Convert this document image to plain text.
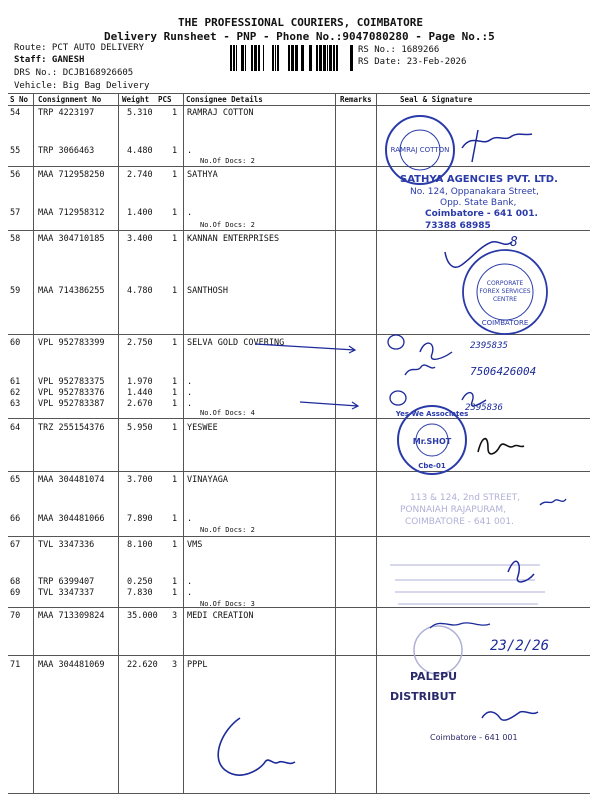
THE PROFESSIONAL COURIERS, COIMBATORE
Delivery Runsheet - PNP - Phone No.:9047080280 - Page No.:5
Route: PCT AUTO DELIVERY
Staff: GANESH
DRS No.: DCJB168926605
Vehicle: Big Bag Delivery
RS No.: 1689266
RS Date: 23-Feb-2026
S No Consignment No	Weight PCS Consignee Details	Remarks	Seal & Signature
54 TRP 4223197	5.310 1 RAMRAJ COTTON
55 TRP 3066463	4.480 1 .
56 MAA 712958250	2.740 1 SATHYA
57 MAA 712958312	1.400 1 .
58 MAA 304710185	3.400 1 KANNAN ENTERPRISES
59 MAA 714386255	4.780 1 SANTHOSH
60 VPL 952783399	2.750 1 SELVA GOLD COVERING
61 VPL 952783375	1.970 1 .
62 VPL 952783376	1.440 1 .
63 VPL 952783387	2.670 1 .
64 TRZ 255154376	5.950 1 YESWEE
65 MAA 304481074	3.700 1 VINAYAGA
66 MAA 304481066	7.890 1 .
67 TVL 3347336	8.100 1 VMS
68 TRP 6399407	0.250 1 .
69 TVL 3347337	7.830 1 .
70 MAA 713309824	35.000 3 MEDI CREATION
71 MAA 304481069	22.620 3 PPPL
No.Of Docs: 2
No.Of Docs: 2
No.Of Docs: 4
No.Of Docs: 2
No.Of Docs: 3
RAMRAJ COTTON
SATHYA AGENCIES PVT. LTD.
No. 124, Oppanakara Street,
Opp. State Bank,
Coimbatore - 641 001.
73388 68985
8
CORPORATE
FOREX SERVICES
CENTRE
COIMBATORE
2395835
7506426004
2395836
Yes We Associates
Mr.SHOT
Cbe-01
113 & 124, 2nd STREET,
PONNAIAH RAJAPURAM,
COIMBATORE - 641 001.
23/2/26
PALEPU
DISTRIBUT
Coimbatore - 641 001
